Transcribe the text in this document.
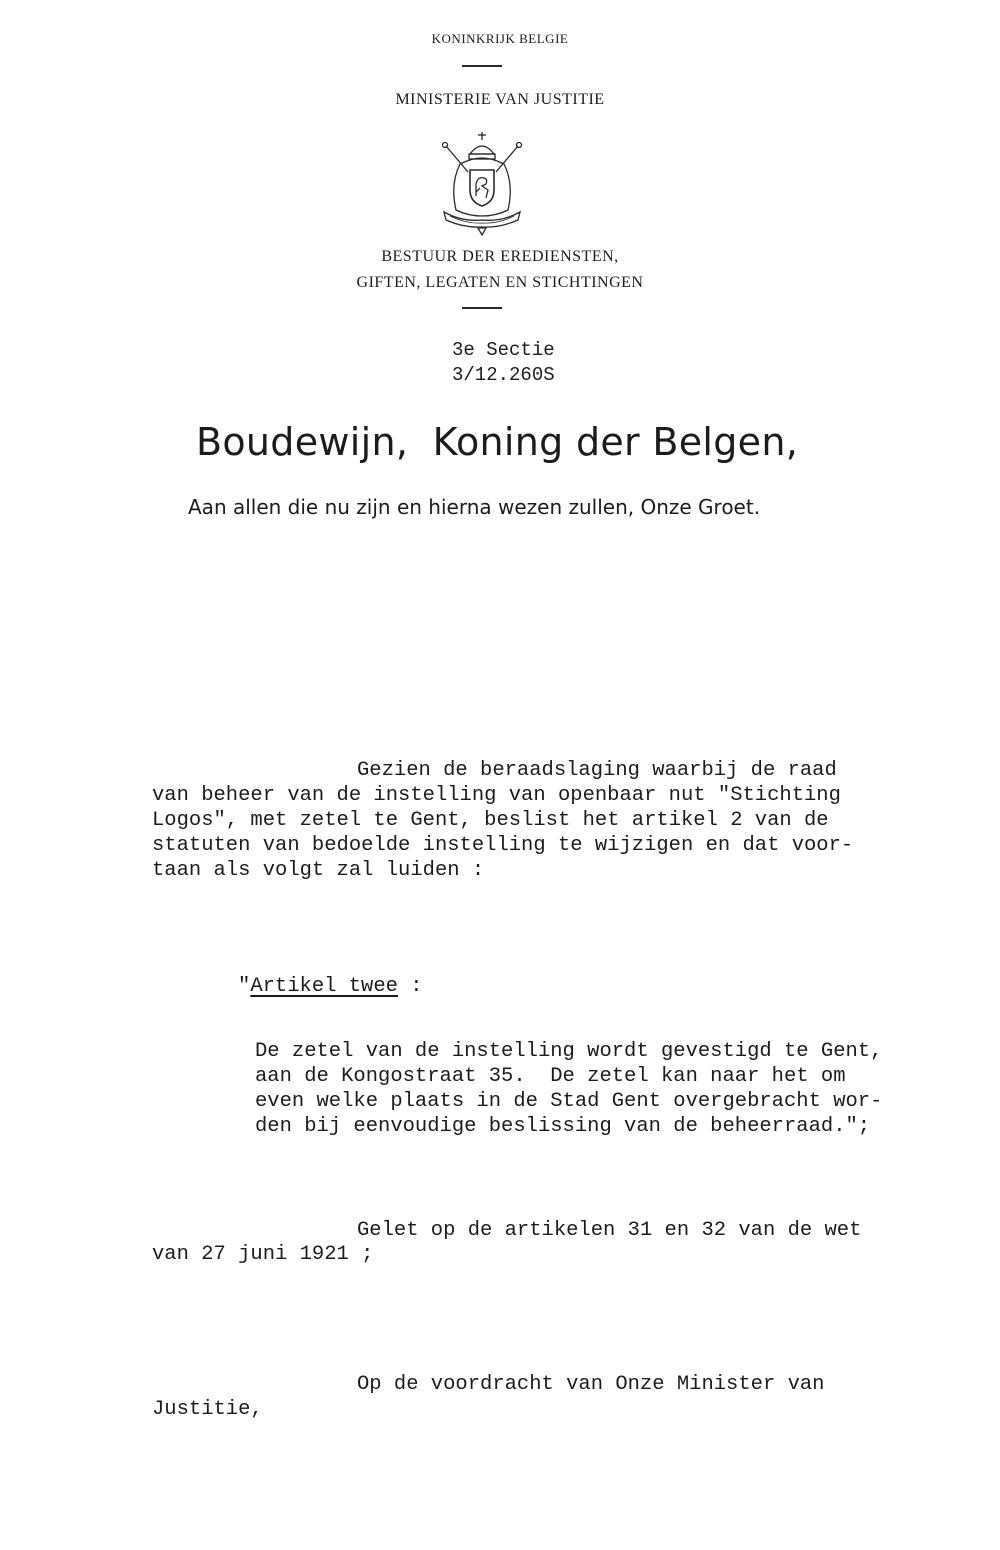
KONINKRIJK BELGIE
MINISTERIE VAN JUSTITIE
BESTUUR DER EREDIENSTEN,
GIFTEN, LEGATEN EN STICHTINGEN
3e Sectie
3/12.260S
Boudewijn, Koning der Belgen,
Aan allen die nu zijn en hierna wezen zullen, Onze Groet.
Gezien de beraadslaging waarbij de raad
van beheer van de instelling van openbaar nut "Stichting
Logos", met zetel te Gent, beslist het artikel 2 van de
statuten van bedoelde instelling te wijzigen en dat voor-
taan als volgt zal luiden :
"Artikel twee :
De zetel van de instelling wordt gevestigd te Gent,
aan de Kongostraat 35.  De zetel kan naar het om
even welke plaats in de Stad Gent overgebracht wor-
den bij eenvoudige beslissing van de beheerraad.";
Gelet op de artikelen 31 en 32 van de wet
van 27 juni 1921 ;
Op de voordracht van Onze Minister van
Justitie,
